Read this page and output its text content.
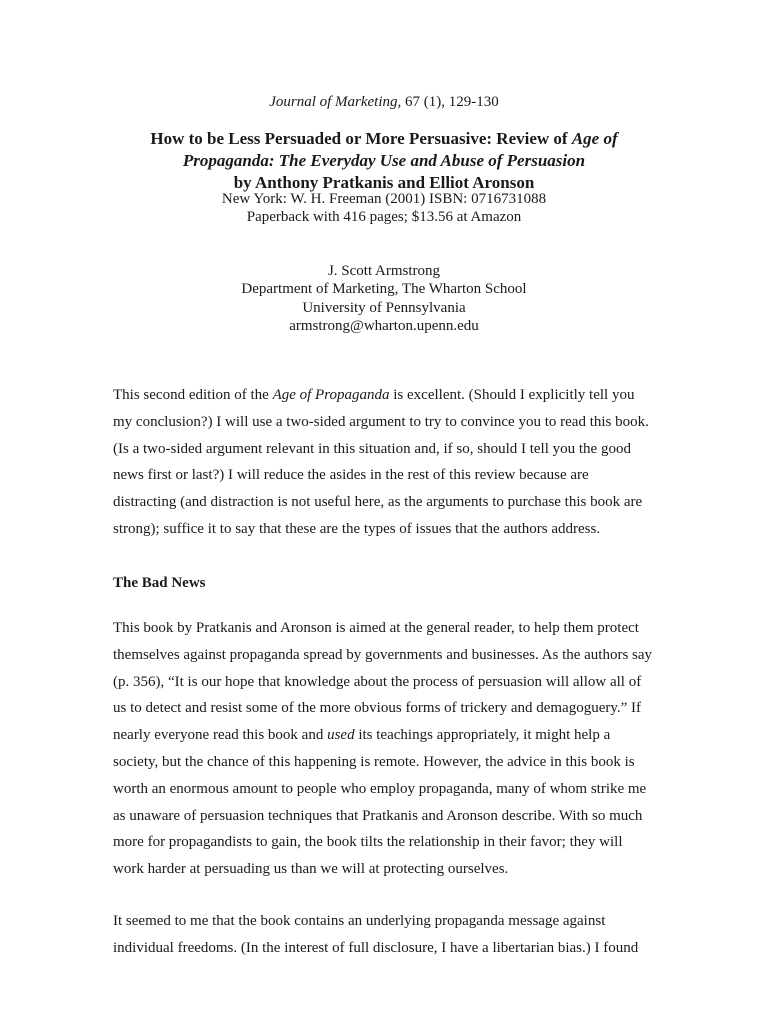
Journal of Marketing, 67 (1), 129-130
How to be Less Persuaded or More Persuasive: Review of Age of
Propaganda: The Everyday Use and Abuse of Persuasion
by Anthony Pratkanis and Elliot Aronson
New York: W. H. Freeman (2001) ISBN: 0716731088
Paperback with 416 pages; $13.56 at Amazon
J. Scott Armstrong
Department of Marketing, The Wharton School
University of Pennsylvania
armstrong@wharton.upenn.edu
This second edition of the Age of Propaganda is excellent. (Should I explicitly tell you
my conclusion?) I will use a two-sided argument to try to convince you to read this book.
(Is a two-sided argument relevant in this situation and, if so, should I tell you the good
news first or last?) I will reduce the asides in the rest of this review because are
distracting (and distraction is not useful here, as the arguments to purchase this book are
strong); suffice it to say that these are the types of issues that the authors address.
The Bad News
This book by Pratkanis and Aronson is aimed at the general reader, to help them protect
themselves against propaganda spread by governments and businesses. As the authors say
(p. 356), “It is our hope that knowledge about the process of persuasion will allow all of
us to detect and resist some of the more obvious forms of trickery and demagoguery.” If
nearly everyone read this book and used its teachings appropriately, it might help a
society, but the chance of this happening is remote. However, the advice in this book is
worth an enormous amount to people who employ propaganda, many of whom strike me
as unaware of persuasion techniques that Pratkanis and Aronson describe. With so much
more for propagandists to gain, the book tilts the relationship in their favor; they will
work harder at persuading us than we will at protecting ourselves.
It seemed to me that the book contains an underlying propaganda message against
individual freedoms. (In the interest of full disclosure, I have a libertarian bias.) I found
